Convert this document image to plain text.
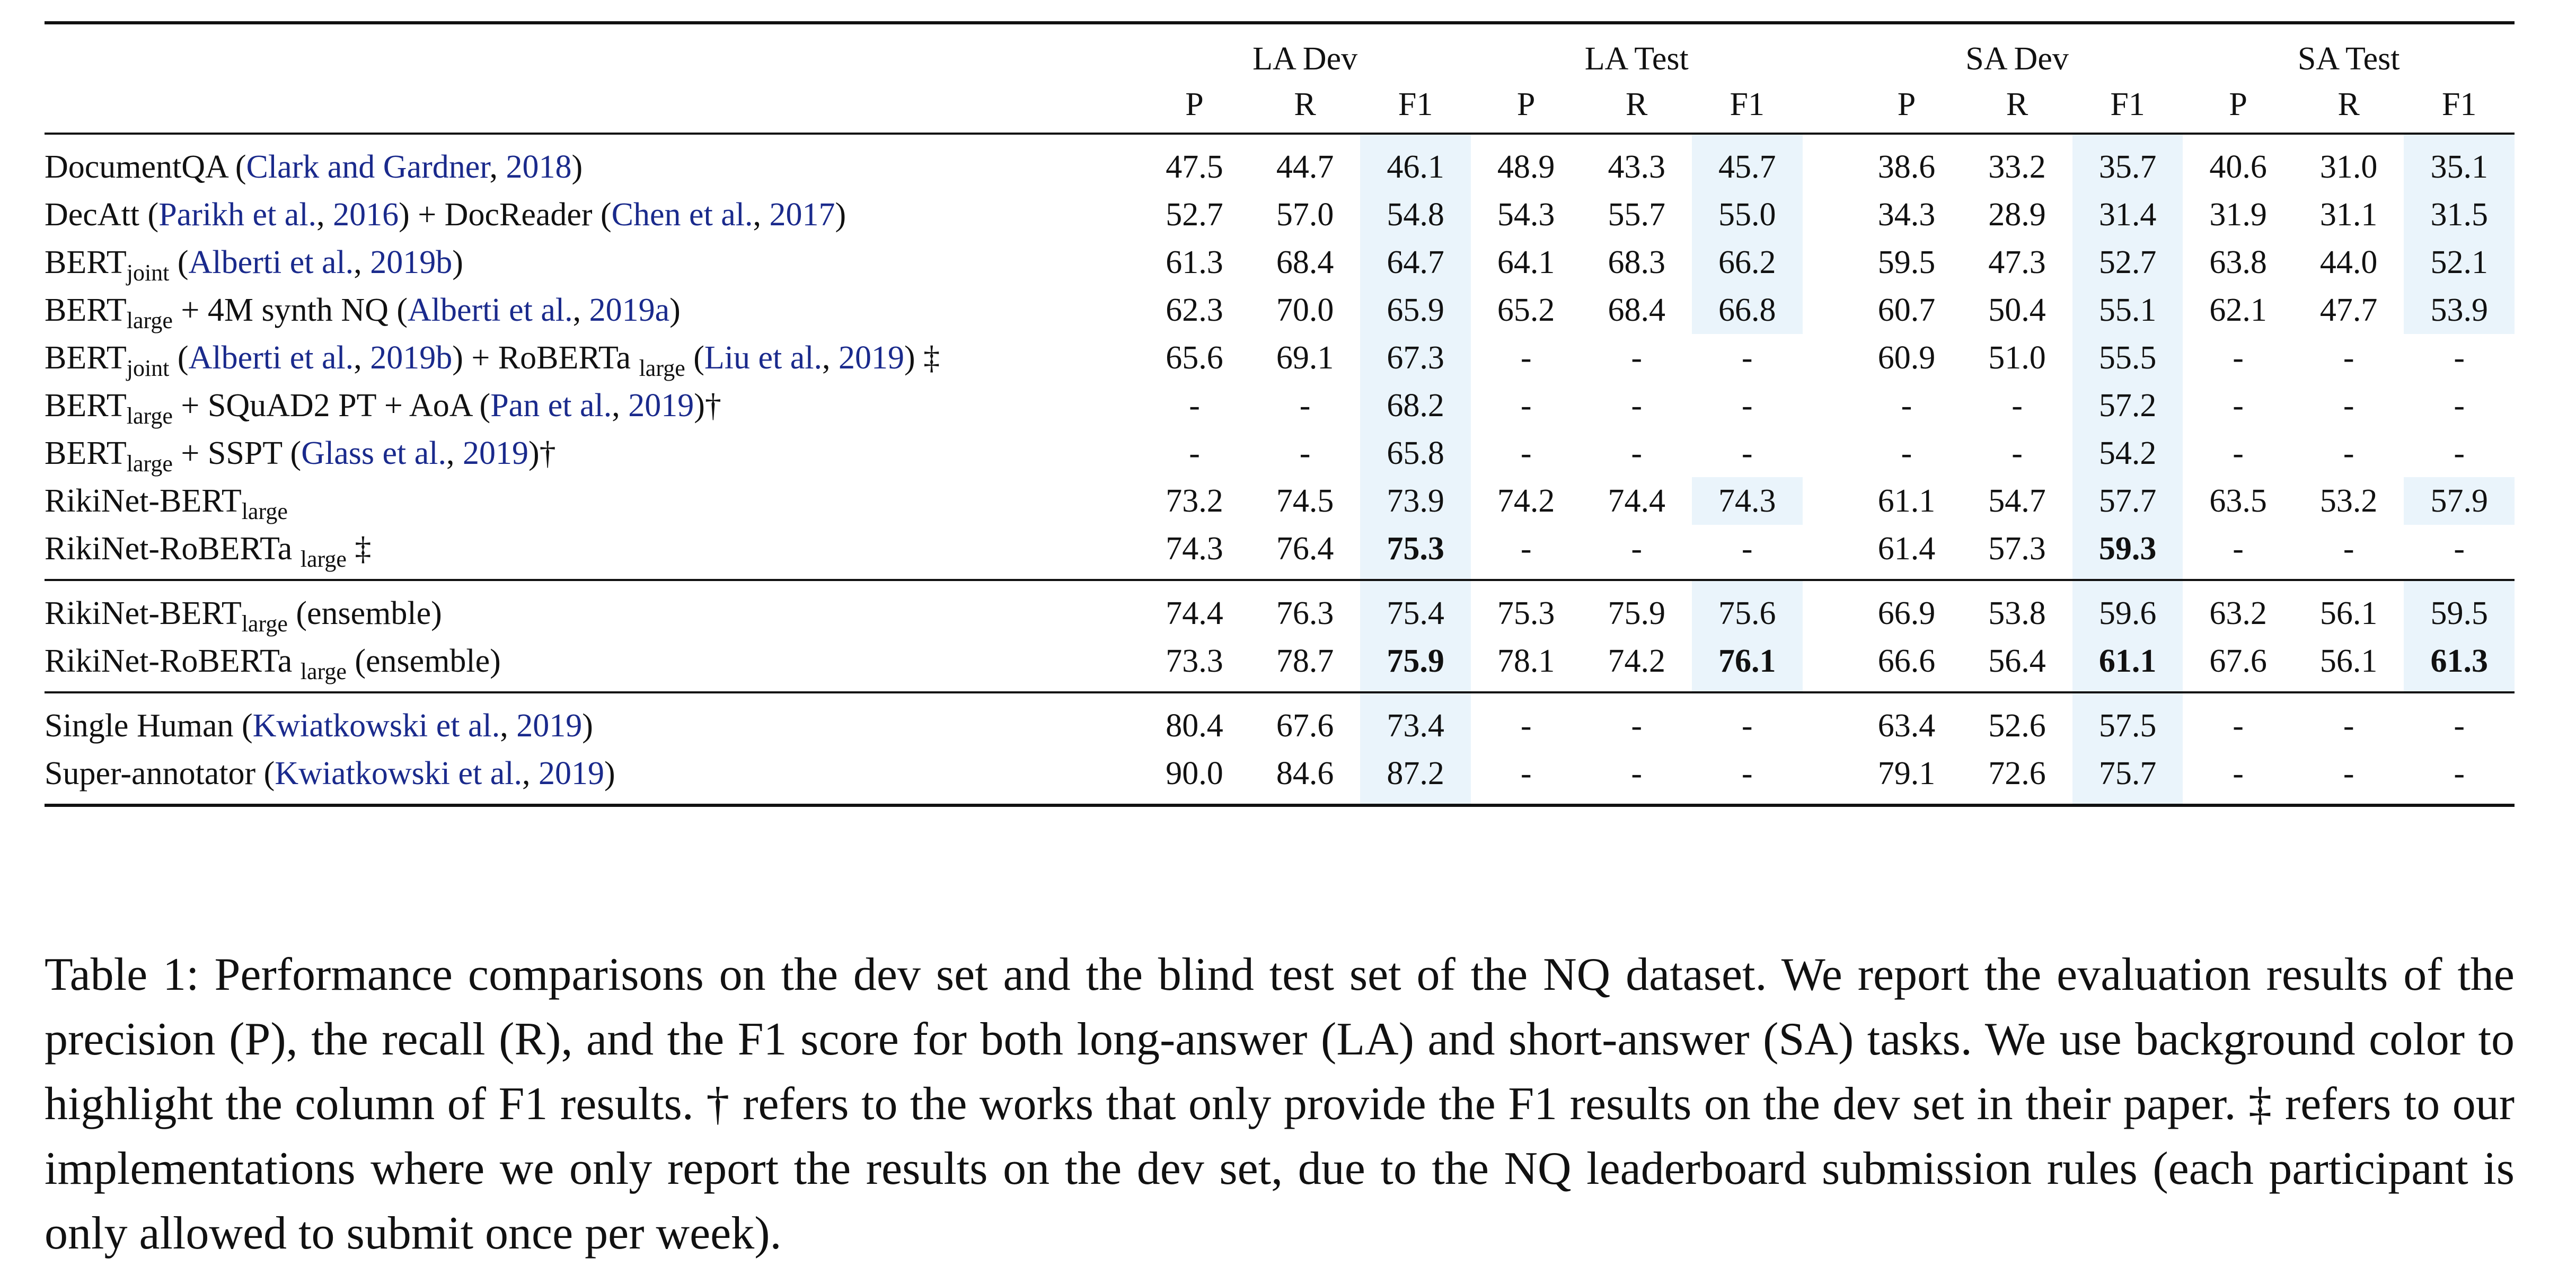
	LA Dev			LA Test				SA Dev			SA Test		
	P	R	F1	P	R	F1		P	R	F1	P	R	F1
DocumentQA (Clark and Gardner, 2018)	47.5	44.7	46.1	48.9	43.3	45.7		38.6	33.2	35.7	40.6	31.0	35.1
DecAtt (Parikh et al., 2016) + DocReader (Chen et al., 2017)	52.7	57.0	54.8	54.3	55.7	55.0		34.3	28.9	31.4	31.9	31.1	31.5
$BERT_{joint}$ (Alberti et al., 2019b)	61.3	68.4	64.7	64.1	68.3	66.2		59.5	47.3	52.7	63.8	44.0	52.1
$BERT_{large} + 4M$ synth NQ (Alberti et al., 2019a)	62.3	70.0	65.9	65.2	68.4	66.8		60.7	50.4	55.1	62.1	47.7	53.9
$BERT_{joint}$ (Alberti et al., 2019b) + RoBERTa $_{large}$ (Liu et al., 2019) ‡	65.6	69.1	67.3	-	-	-		60.9	51.0	55.5	-	-	-
$BERT_{large}$ + SQuAD2 PT + AoA (Pan et al., 2019)†	-	-	68.2	-	-	-		-	-	57.2	-	-	-
$BERT_{large}$ + SSPT (Glass et al., 2019)†	-	-	65.8	-	-	-		-	-	54.2	-	-	-
RikiNet-$BERT_{large}$	73.2	74.5	73.9	74.2	74.4	74.3		61.1	54.7	57.7	63.5	53.2	57.9
RikiNet-RoBERTa $_{large}$ ‡	74.3	76.4	75.3	-	-	-		61.4	57.3	59.3	-	-	-
RikiNet-$BERT_{large}$ (ensemble)	74.4	76.3	75.4	75.3	75.9	75.6		66.9	53.8	59.6	63.2	56.1	59.5
RikiNet-RoBERTa $_{large}$ (ensemble)	73.3	78.7	75.9	78.1	74.2	76.1		66.6	56.4	61.1	67.6	56.1	61.3
Single Human (Kwiatkowski et al., 2019)	80.4	67.6	73.4	-	-	-		63.4	52.6	57.5	-	-	-
Super-annotator (Kwiatkowski et al., 2019)	90.0	84.6	87.2	-	-	-		79.1	72.6	75.7	-	-	-

Table 1: Performance comparisons on the dev set and the blind test set of the NQ dataset. We report the evaluation results of the precision (P), the recall (R), and the F1 score for both long-answer (LA) and short-answer (SA) tasks. We use background color to highlight the column of F1 results. † refers to the works that only provide the F1 results on the dev set in their paper. ‡ refers to our implementations where we only report the results on the dev set, due to the NQ leaderboard submission rules (each participant is only allowed to submit once per week).
